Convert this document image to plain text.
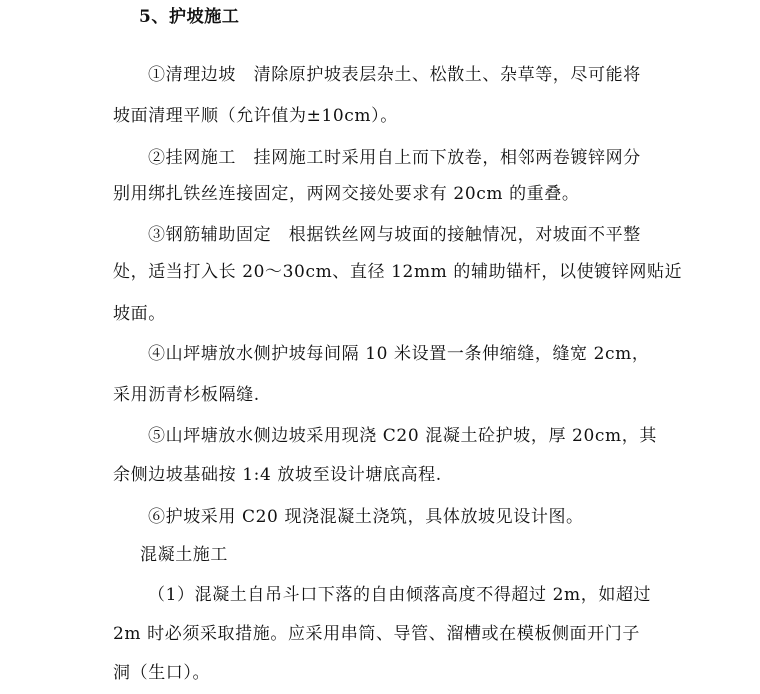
5、护坡施工
①清理边坡　清除原护坡表层杂土、松散土、杂草等，尽可能将
坡面清理平顺（允许值为±10cm）。
②挂网施工　挂网施工时采用自上而下放卷，相邻两卷镀锌网分
别用绑扎铁丝连接固定，两网交接处要求有 20cm 的重叠。
③钢筋辅助固定　根据铁丝网与坡面的接触情况，对坡面不平整
处，适当打入长 20～30cm、直径 12mm 的辅助锚杆，以使镀锌网贴近
坡面。
④山坪塘放水侧护坡每间隔 10 米设置一条伸缩缝，缝宽 2cm，
采用沥青杉板隔缝.
⑤山坪塘放水侧边坡采用现浇 C20 混凝土砼护坡，厚 20cm，其
余侧边坡基础按 1:4 放坡至设计塘底高程.
⑥护坡采用 C20 现浇混凝土浇筑，具体放坡见设计图。
混凝土施工
（1）混凝土自吊斗口下落的自由倾落高度不得超过 2m，如超过
2m 时必须采取措施。应采用串筒、导管、溜槽或在模板侧面开门子
洞（生口）。
